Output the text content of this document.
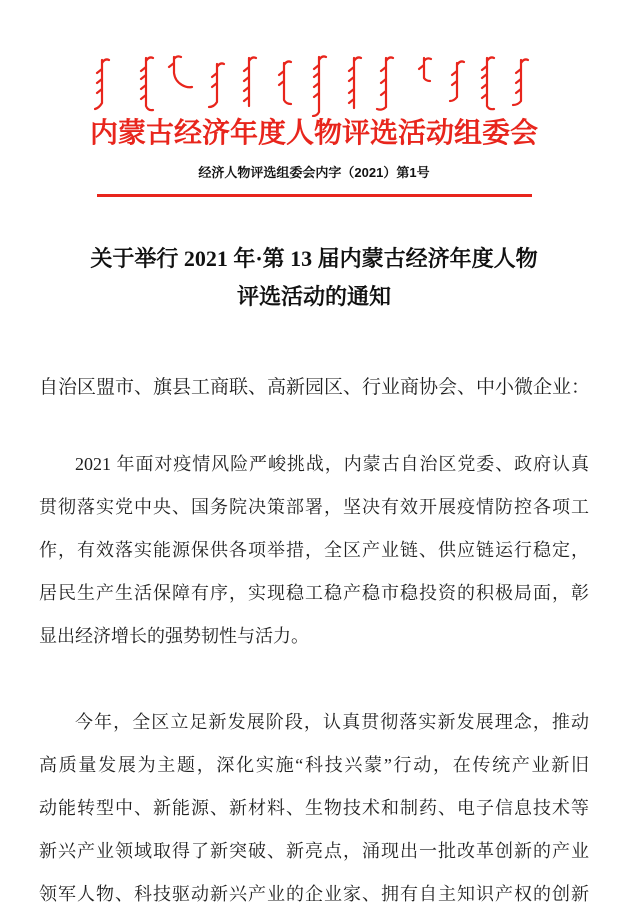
内蒙古经济年度人物评选活动组委会
经济人物评选组委会内字（2021）第1号
关于举行 2021 年·第 13 届内蒙古经济年度人物
评选活动的通知
自治区盟市、旗县工商联、高新园区、行业商协会、中小微企业：
2021 年面对疫情风险严峻挑战，内蒙古自治区党委、政府认真
贯彻落实党中央、国务院决策部署，坚决有效开展疫情防控各项工
作，有效落实能源保供各项举措，全区产业链、供应链运行稳定，
居民生产生活保障有序，实现稳工稳产稳市稳投资的积极局面，彰
显出经济增长的强势韧性与活力。
今年，全区立足新发展阶段，认真贯彻落实新发展理念，推动
高质量发展为主题，深化实施“科技兴蒙”行动，在传统产业新旧
动能转型中、新能源、新材料、生物技术和制药、电子信息技术等
新兴产业领域取得了新突破、新亮点，涌现出一批改革创新的产业
领军人物、科技驱动新兴产业的企业家、拥有自主知识产权的创新
